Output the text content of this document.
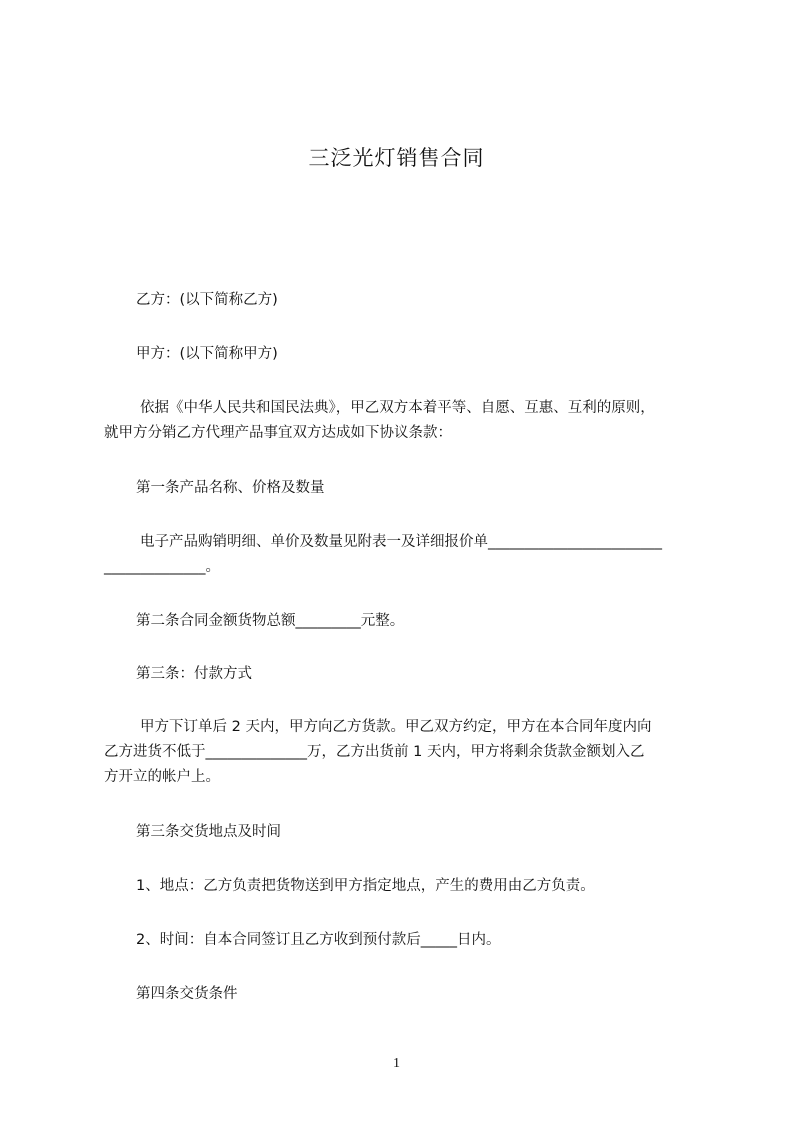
三泛光灯销售合同
乙方：(以下简称乙方)
甲方：(以下简称甲方)
依据《中华人民共和国民法典》，甲乙双方本着平等、自愿、互惠、互利的原则，
就甲方分销乙方代理产品事宜双方达成如下协议条款：
第一条产品名称、价格及数量
电子产品购销明细、单价及数量见附表一及详细报价单________________________
______________。
第二条合同金额货物总额_________元整。
第三条：付款方式
甲方下订单后 2 天内，甲方向乙方货款。甲乙双方约定，甲方在本合同年度内向
乙方进货不低于______________万，乙方出货前 1 天内，甲方将剩余货款金额划入乙
方开立的帐户上。
第三条交货地点及时间
1、地点：乙方负责把货物送到甲方指定地点，产生的费用由乙方负责。
2、时间：自本合同签订且乙方收到预付款后_____日内。
第四条交货条件
1
